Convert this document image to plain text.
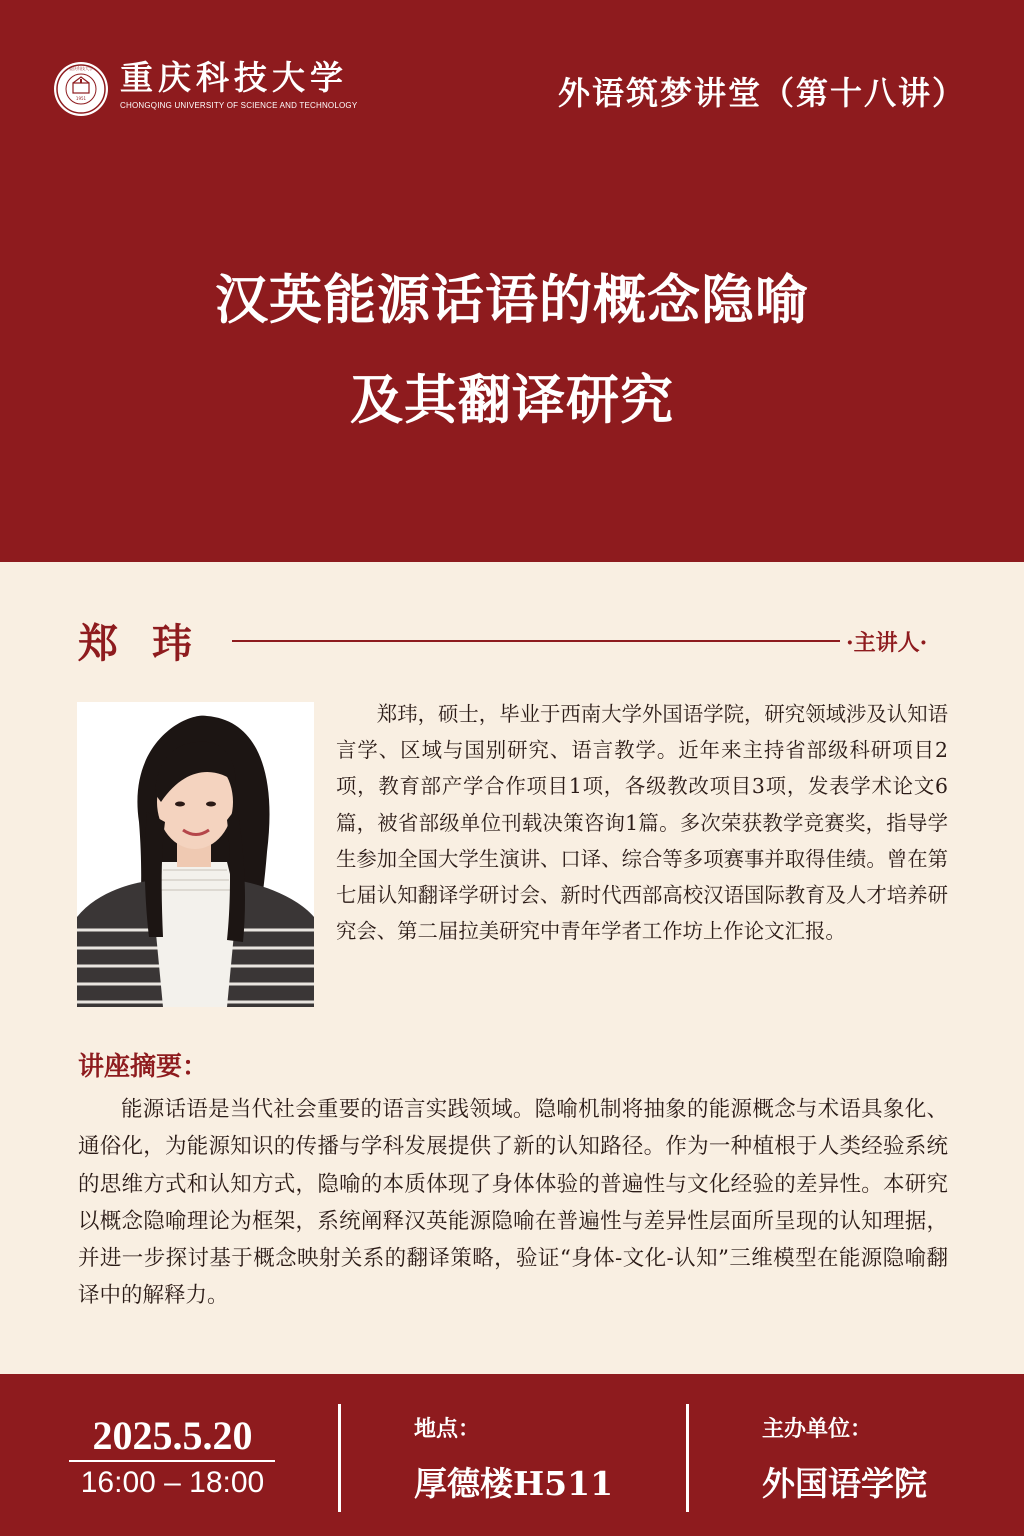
1951
重庆科技大学 重庆科技大学
CHONGQING UNIVERSITY OF SCIENCE AND TECHNOLOGY	外语筑梦讲堂（第十八讲）
汉英能源话语的概念隐喻
及其翻译研究
郑玮	·主讲人·

郑玮，硕士，毕业于西南大学外国语学院，研究领域涉及认知语言学、区域与国别研究、语言教学。近年来主持省部级科研项目2项，教育部产学合作项目1项，各级教改项目3项，发表学术论文6篇，被省部级单位刊载决策咨询1篇。多次荣获教学竞赛奖，指导学生参加全国大学生演讲、口译、综合等多项赛事并取得佳绩。曾在第七届认知翻译学研讨会、新时代西部高校汉语国际教育及人才培养研究会、第二届拉美研究中青年学者工作坊上作论文汇报。

讲座摘要：

能源话语是当代社会重要的语言实践领域。隐喻机制将抽象的能源概念与术语具象化、通俗化，为能源知识的传播与学科发展提供了新的认知路径。作为一种植根于人类经验系统的思维方式和认知方式，隐喻的本质体现了身体体验的普遍性与文化经验的差异性。本研究以概念隐喻理论为框架，系统阐释汉英能源隐喻在普遍性与差异性层面所呈现的认知理据，并进一步探讨基于概念映射关系的翻译策略，验证“身体-文化-认知”三维模型在能源隐喻翻译中的解释力。

2025.5.20
16:00 – 18:00
地点：
厚德楼H511
主办单位：
外国语学院
